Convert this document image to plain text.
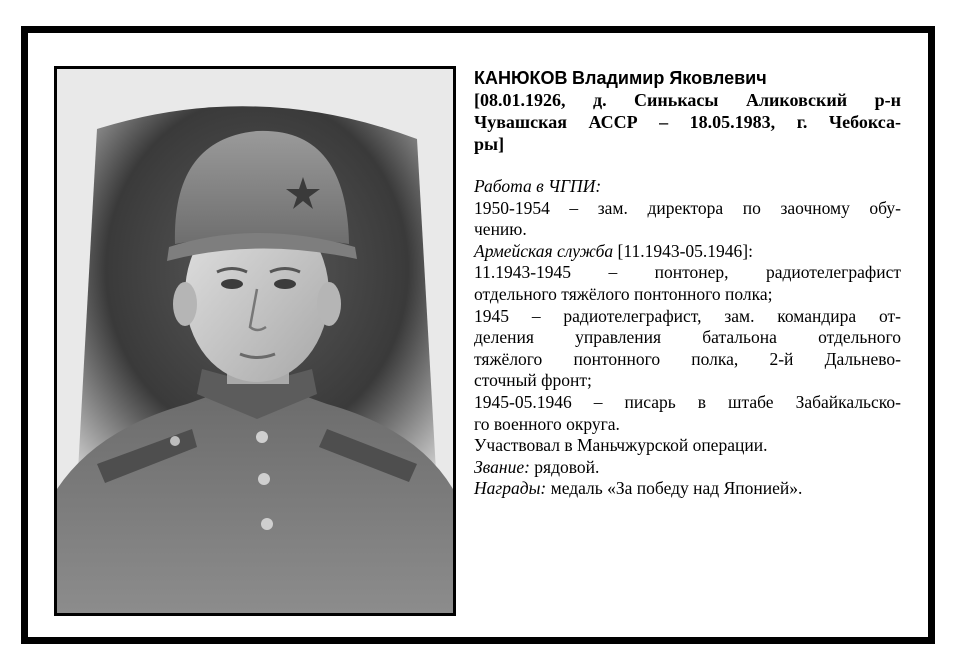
КАНЮКОВ Владимир Яковлевич
[08.01.1926, д. Синькасы Аликовский р-н
Чувашская АССР – 18.05.1983, г. Чебокса-
ры]

Работа в ЧГПИ:

1950-1954 – зам. директора по заочному обу-

чению.

Армейская служба [11.1943-05.1946]:

11.1943-1945 – понтонер, радиотелеграфист

отдельного тяжёлого понтонного полка;

1945 – радиотелеграфист, зам. командира от-

деления управления батальона отдельного

тяжёлого понтонного полка, 2-й Дальнево-

сточный фронт;

1945-05.1946 – писарь в штабе Забайкальско-

го военного округа.

Участвовал в Маньчжурской операции.

Звание: рядовой.

Награды: медаль «За победу над Японией».
